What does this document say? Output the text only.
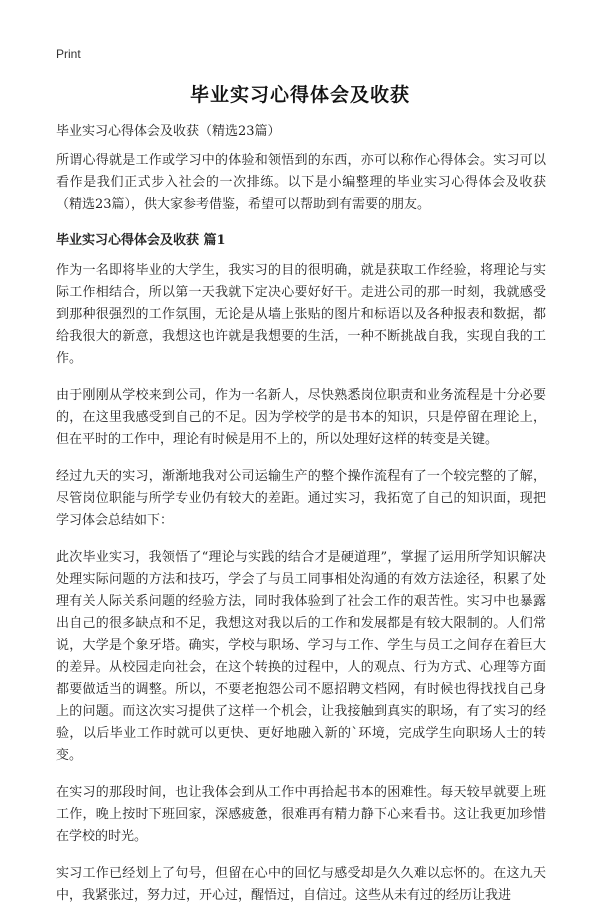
Print
毕业实习心得体会及收获
毕业实习心得体会及收获（精选23篇）

所谓心得就是工作或学习中的体验和领悟到的东西，亦可以称作心得体会。实习可以看作是我们正式步入社会的一次排练。以下是小编整理的毕业实习心得体会及收获（精选23篇），供大家参考借鉴，希望可以帮助到有需要的朋友。

毕业实习心得体会及收获 篇1

作为一名即将毕业的大学生，我实习的目的很明确，就是获取工作经验，将理论与实际工作相结合，所以第一天我就下定决心要好好干。走进公司的那一时刻，我就感受到那种很强烈的工作氛围，无论是从墙上张贴的图片和标语以及各种报表和数据，都给我很大的新意，我想这也许就是我想要的生活，一种不断挑战自我，实现自我的工作。

由于刚刚从学校来到公司，作为一名新人，尽快熟悉岗位职责和业务流程是十分必要的，在这里我感受到自己的不足。因为学校学的是书本的知识，只是停留在理论上，但在平时的工作中，理论有时候是用不上的，所以处理好这样的转变是关键。

经过九天的实习，渐渐地我对公司运输生产的整个操作流程有了一个较完整的了解，尽管岗位职能与所学专业仍有较大的差距。通过实习，我拓宽了自己的知识面，现把学习体会总结如下：

此次毕业实习，我领悟了“理论与实践的结合才是硬道理”，掌握了运用所学知识解决处理实际问题的方法和技巧，学会了与员工同事相处沟通的有效方法途径，积累了处理有关人际关系问题的经验方法，同时我体验到了社会工作的艰苦性。实习中也暴露出自己的很多缺点和不足，我想这对我以后的工作和发展都是有较大限制的。人们常说，大学是个象牙塔。确实，学校与职场、学习与工作、学生与员工之间存在着巨大的差异。从校园走向社会，在这个转换的过程中，人的观点、行为方式、心理等方面都要做适当的调整。所以，不要老抱怨公司不愿招聘文档网，有时候也得找找自己身上的问题。而这次实习提供了这样一个机会，让我接触到真实的职场，有了实习的经验，以后毕业工作时就可以更快、更好地融入新的`环境，完成学生向职场人士的转变。

在实习的那段时间，也让我体会到从工作中再拾起书本的困难性。每天较早就要上班工作，晚上按时下班回家，深感疲惫，很难再有精力静下心来看书。这让我更加珍惜在学校的时光。

实习工作已经划上了句号，但留在心中的回忆与感受却是久久难以忘怀的。在这九天中，我紧张过，努力过，开心过，醒悟过，自信过。这些从未有过的经历让我进
